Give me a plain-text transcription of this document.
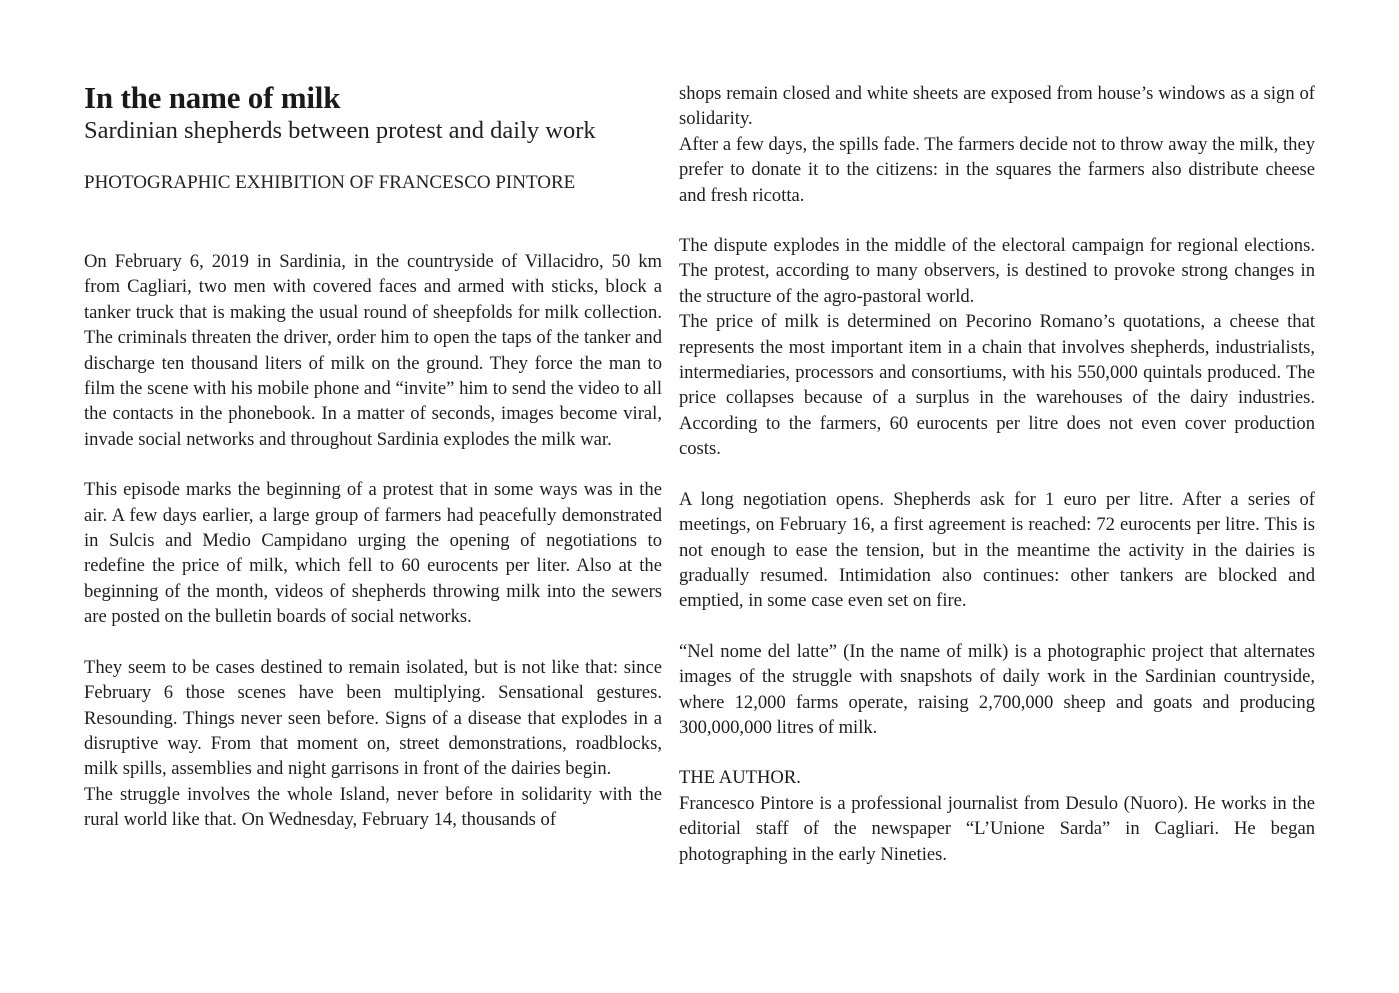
In the name of milk

Sardinian shepherds between protest and daily work

PHOTOGRAPHIC EXHIBITION OF FRANCESCO PINTORE

On February 6, 2019 in Sardinia, in the countryside of Villacidro, 50 km from Cagliari, two men with covered faces and armed with sticks, block a tanker truck that is making the usual round of sheepfolds for milk collection. The criminals threaten the driver, order him to open the taps of the tanker and discharge ten thousand liters of milk on the ground. They force the man to film the scene with his mobile phone and “invite” him to send the video to all the contacts in the phonebook. In a matter of seconds, images become viral, invade social networks and throughout Sardinia explodes the milk war.

This episode marks the beginning of a protest that in some ways was in the air. A few days earlier, a large group of farmers had peacefully demonstrated in Sulcis and Medio Campidano urging the opening of negotiations to redefine the price of milk, which fell to 60 eurocents per liter. Also at the beginning of the month, videos of shepherds throwing milk into the sewers are posted on the bulletin boards of social networks.

They seem to be cases destined to remain isolated, but is not like that: since February 6 those scenes have been multiplying. Sensational gestures. Resounding. Things never seen before. Signs of a disease that explodes in a disruptive way. From that moment on, street demonstrations, roadblocks, milk spills, assemblies and night garrisons in front of the dairies begin.

The struggle involves the whole Island, never before in solidarity with the rural world like that. On Wednesday, February 14, thousands of

shops remain closed and white sheets are exposed from house’s windows as a sign of solidarity.

After a few days, the spills fade. The farmers decide not to throw away the milk, they prefer to donate it to the citizens: in the squares the farmers also distribute cheese and fresh ricotta.

The dispute explodes in the middle of the electoral campaign for regional elections. The protest, according to many observers, is destined to provoke strong changes in the structure of the agro-pastoral world.

The price of milk is determined on Pecorino Romano’s quotations, a cheese that represents the most important item in a chain that involves shepherds, industrialists, intermediaries, processors and consortiums, with his 550,000 quintals produced. The price collapses because of a surplus in the warehouses of the dairy industries. According to the farmers, 60 eurocents per litre does not even cover production costs.

A long negotiation opens. Shepherds ask for 1 euro per litre. After a series of meetings, on February 16, a first agreement is reached: 72 eurocents per litre. This is not enough to ease the tension, but in the meantime the activity in the dairies is gradually resumed. Intimidation also continues: other tankers are blocked and emptied, in some case even set on fire.

“Nel nome del latte” (In the name of milk) is a photographic project that alternates images of the struggle with snapshots of daily work in the Sardinian countryside, where 12,000 farms operate, raising 2,700,000 sheep and goats and producing 300,000,000 litres of milk.

THE AUTHOR.

Francesco Pintore is a professional journalist from Desulo (Nuoro). He works in the editorial staff of the newspaper “L’Unione Sarda” in Cagliari. He began photographing in the early Nineties.
